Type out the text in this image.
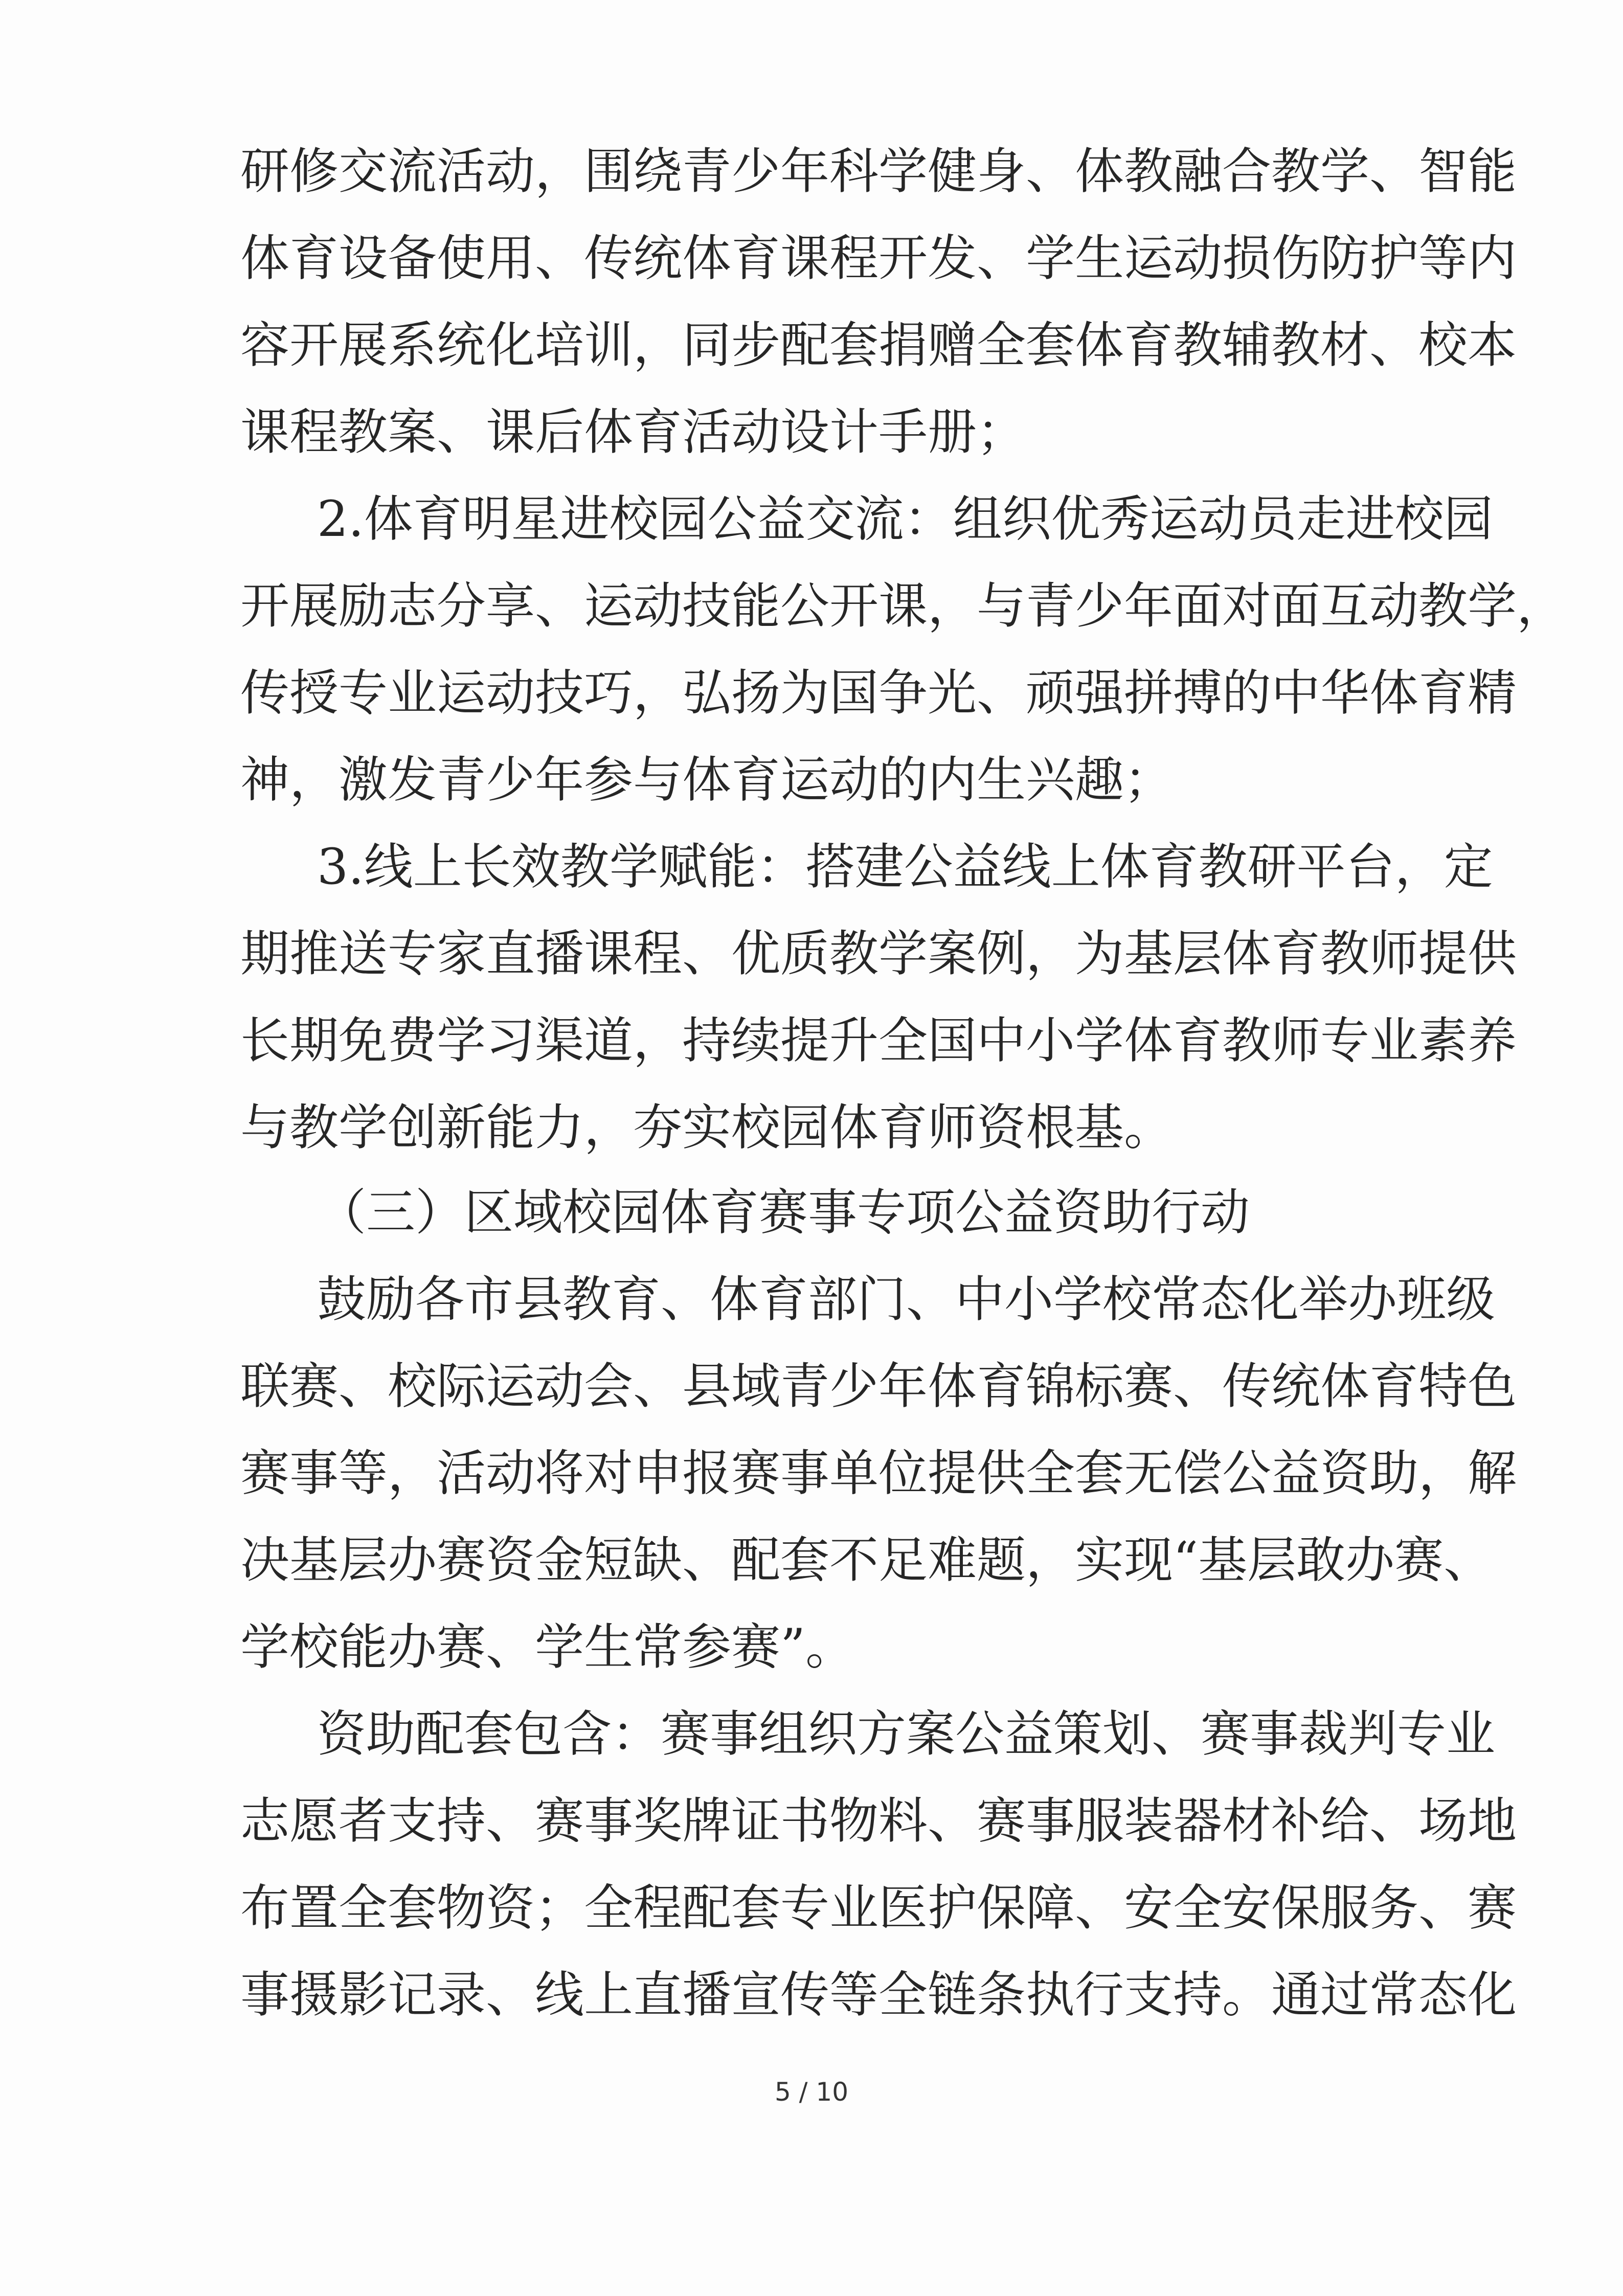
研修交流活动，围绕青少年科学健身、体教融合教学、智能

体育设备使用、传统体育课程开发、学生运动损伤防护等内

容开展系统化培训，同步配套捐赠全套体育教辅教材、校本

课程教案、课后体育活动设计手册；

2.体育明星进校园公益交流：组织优秀运动员走进校园

开展励志分享、运动技能公开课，与青少年面对面互动教学，

传授专业运动技巧，弘扬为国争光、顽强拼搏的中华体育精

神，激发青少年参与体育运动的内生兴趣；

3.线上长效教学赋能：搭建公益线上体育教研平台，定

期推送专家直播课程、优质教学案例，为基层体育教师提供

长期免费学习渠道，持续提升全国中小学体育教师专业素养

与教学创新能力，夯实校园体育师资根基。

（三）区域校园体育赛事专项公益资助行动

鼓励各市县教育、体育部门、中小学校常态化举办班级

联赛、校际运动会、县域青少年体育锦标赛、传统体育特色

赛事等，活动将对申报赛事单位提供全套无偿公益资助，解

决基层办赛资金短缺、配套不足难题，实现“基层敢办赛、

学校能办赛、学生常参赛”。

资助配套包含：赛事组织方案公益策划、赛事裁判专业

志愿者支持、赛事奖牌证书物料、赛事服装器材补给、场地

布置全套物资；全程配套专业医护保障、安全安保服务、赛

事摄影记录、线上直播宣传等全链条执行支持。通过常态化

5 / 10
